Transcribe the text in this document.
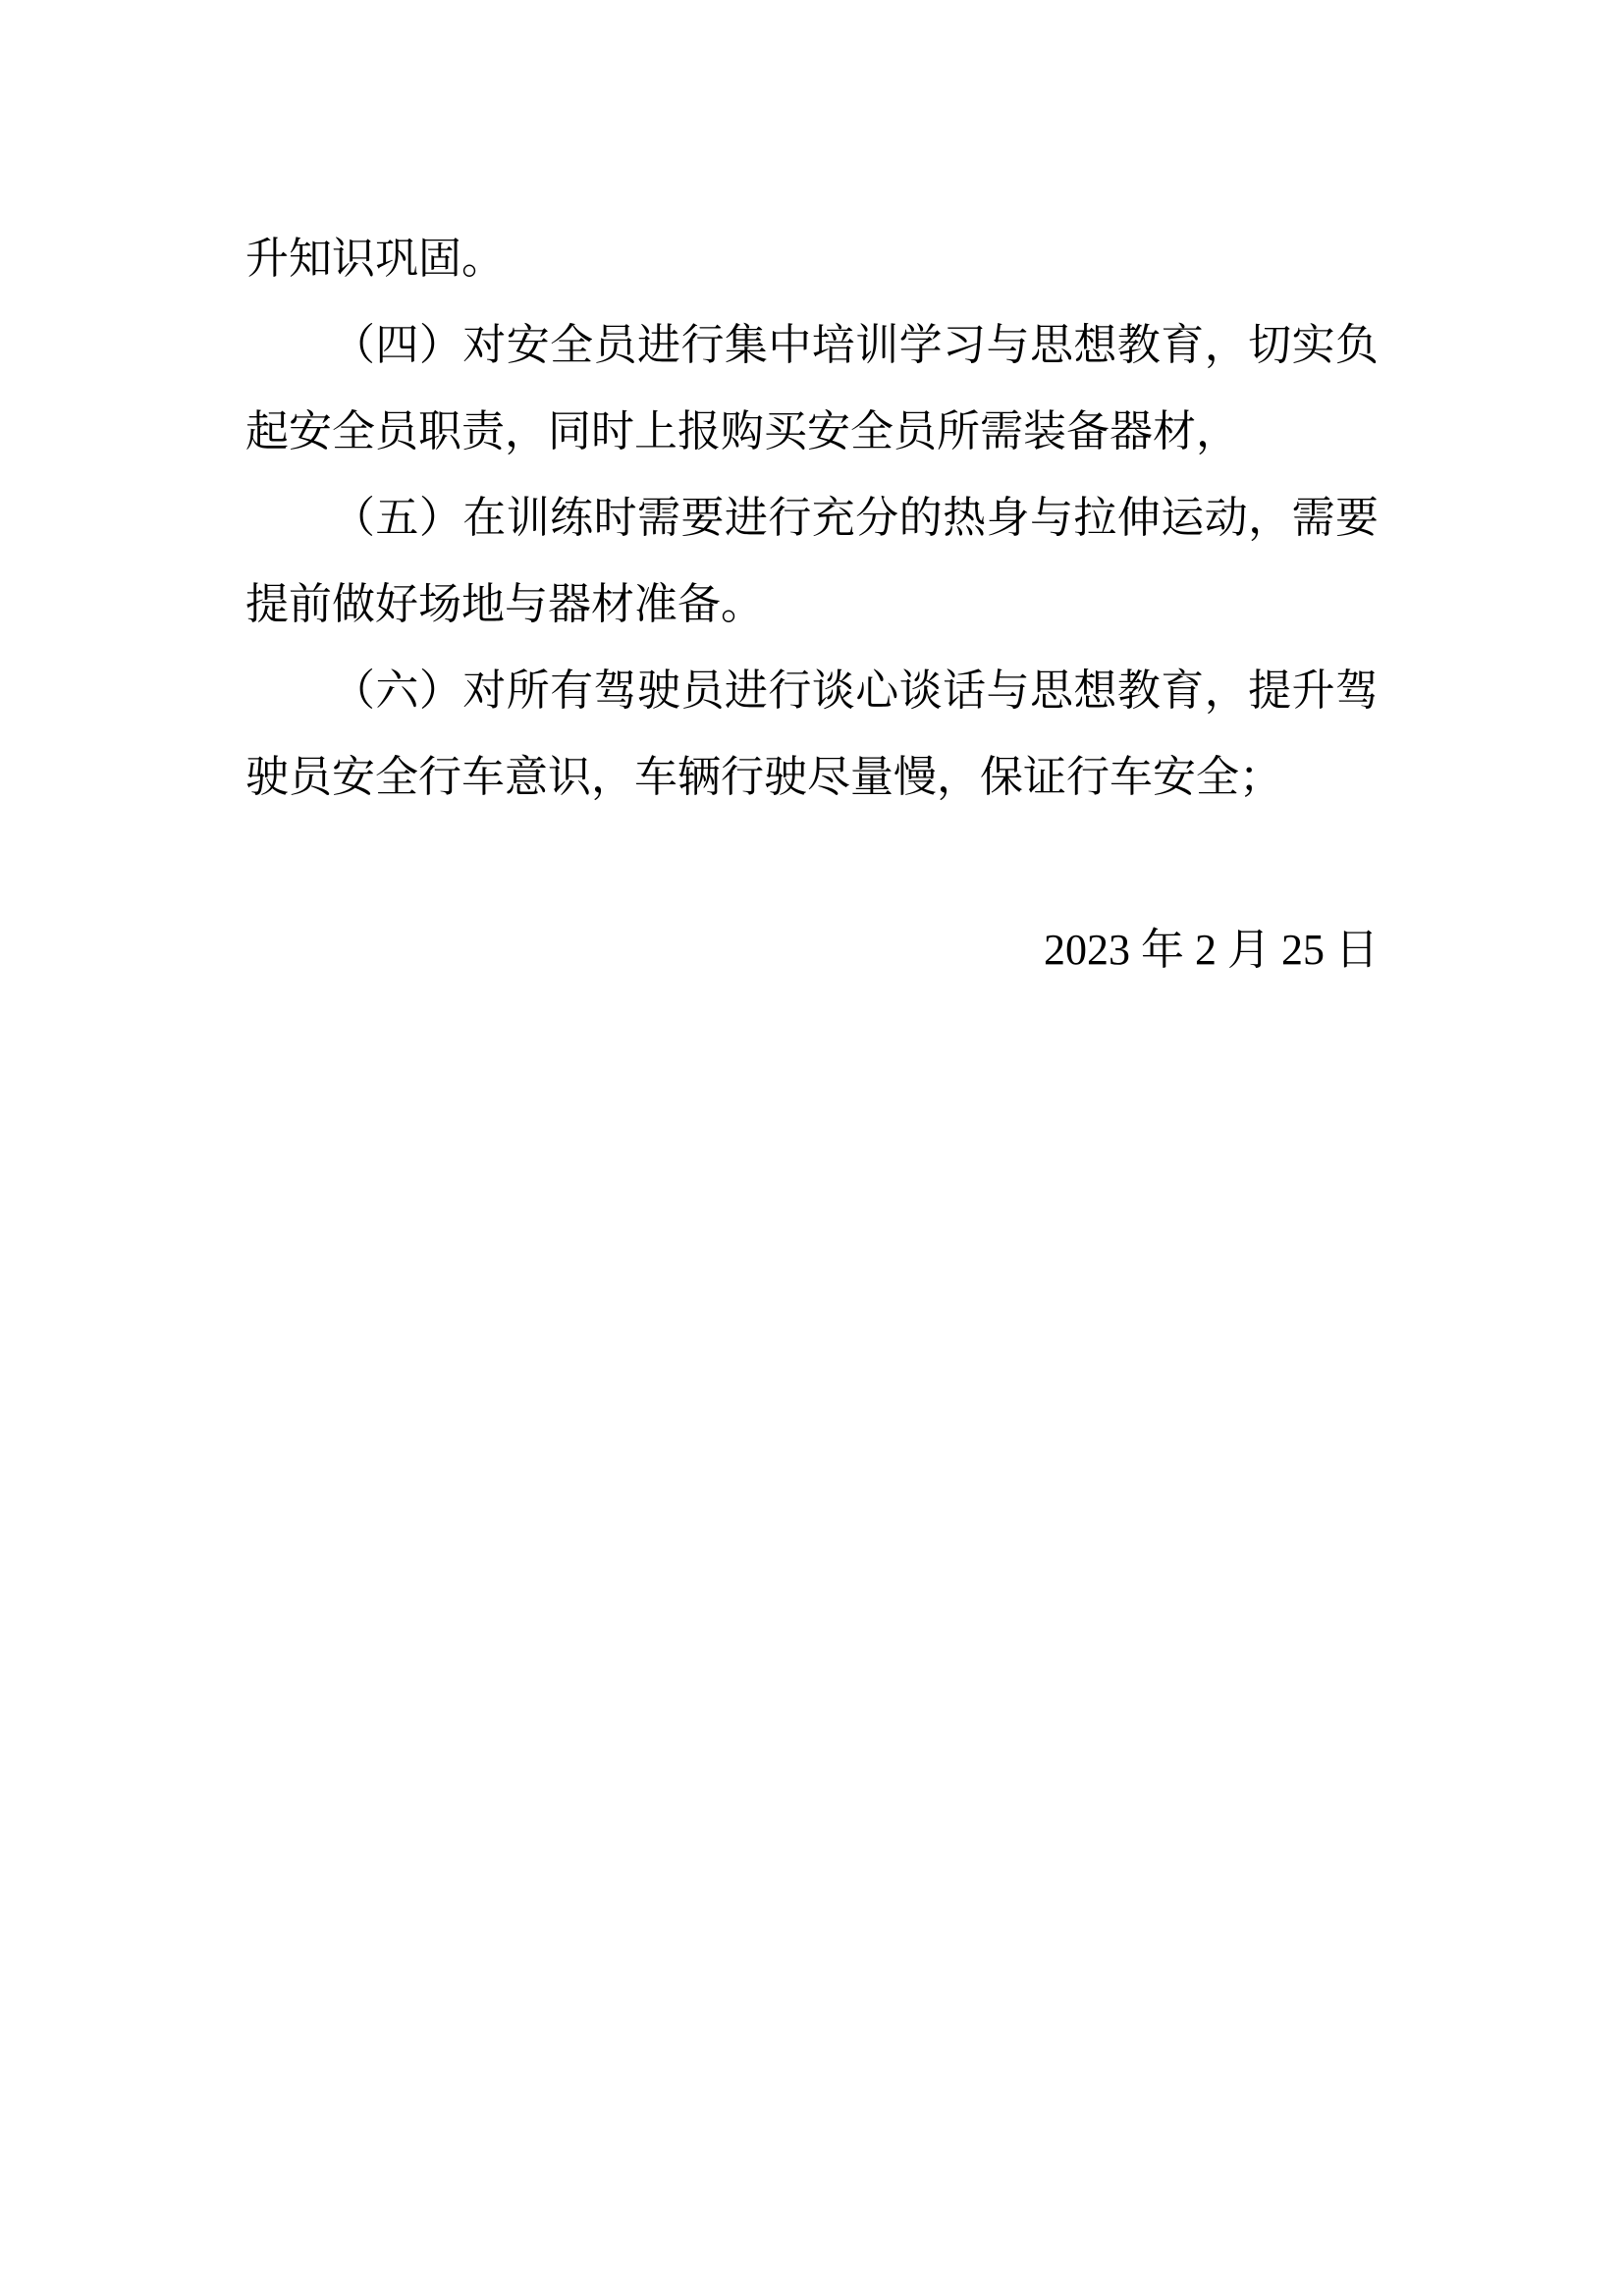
升知识巩固。

（四）对安全员进行集中培训学习与思想教育，切实负起安全员职责，同时上报购买安全员所需装备器材，

（五）在训练时需要进行充分的热身与拉伸运动，需要提前做好场地与器材准备。

（六）对所有驾驶员进行谈心谈话与思想教育，提升驾驶员安全行车意识，车辆行驶尽量慢，保证行车安全；

2023 年 2 月 25 日
